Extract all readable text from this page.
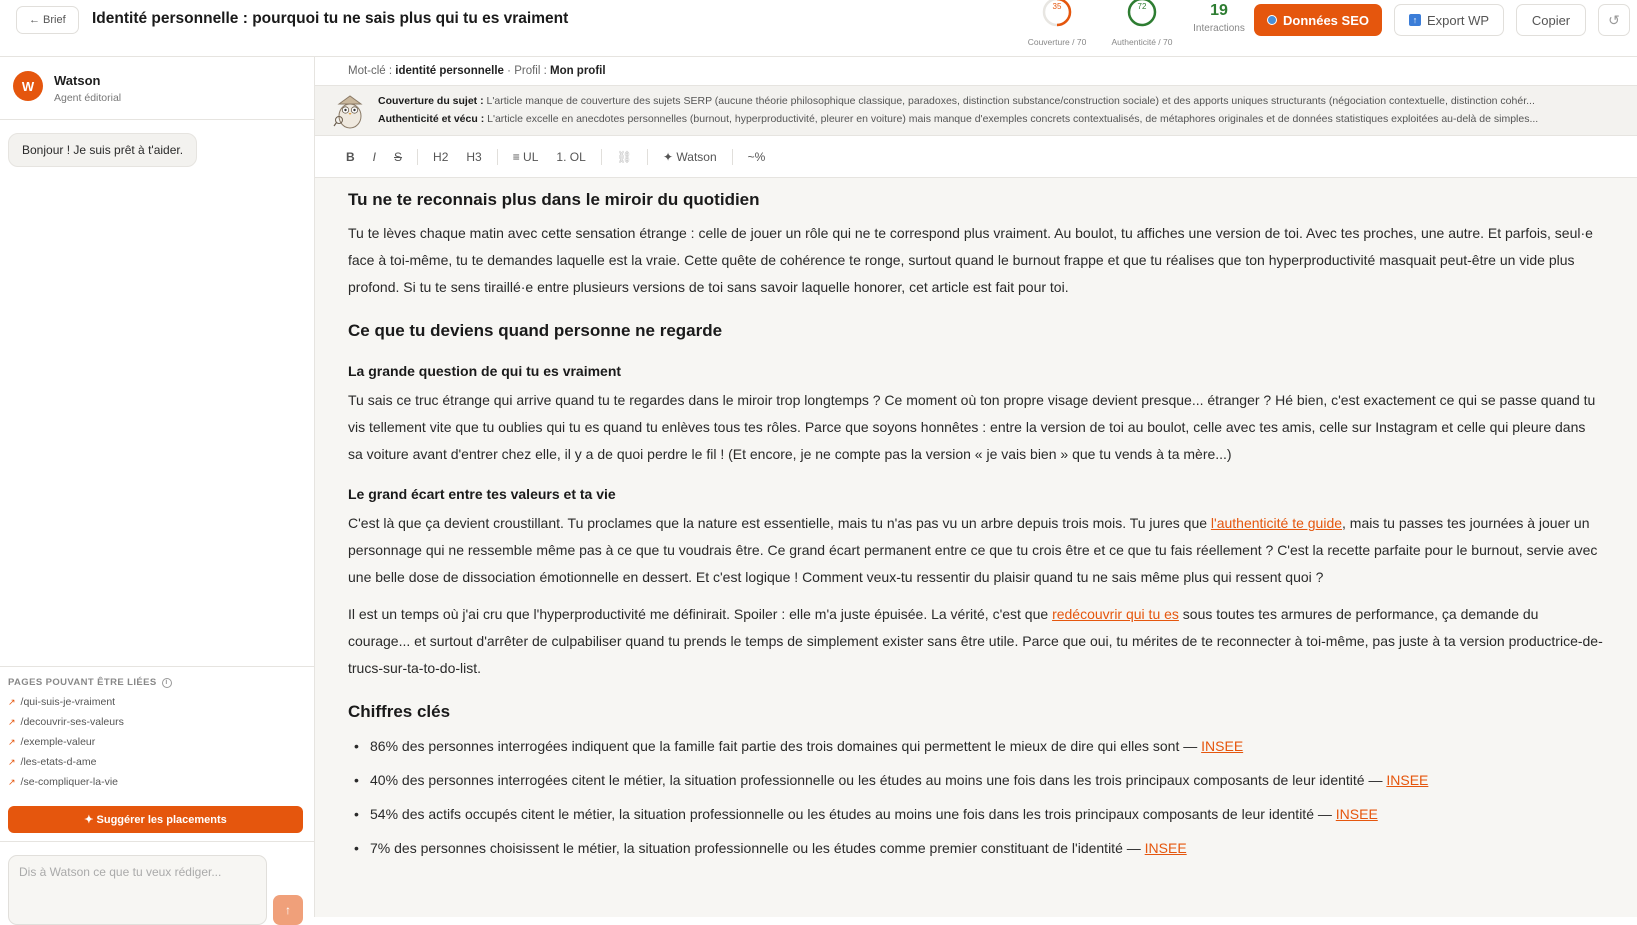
← Brief	Identité personnelle : pourquoi tu ne sais plus qui tu es vraiment
35
Couverture / 70
72
Authenticité / 70
19
Interactions
Données SEO	↑ Export WP	Copier	↺
W	Watson
Agent éditorial
Bonjour ! Je suis prêt à t'aider.
PAGES POUVANT ÊTRE LIÉES	i
↗ /qui-suis-je-vraiment
↗ /decouvrir-ses-valeurs
↗ /exemple-valeur
↗ /les-etats-d-ame
↗ /se-compliquer-la-vie
✦ Suggérer les placements
Dis à Watson ce que tu veux rédiger...
↑
Mot-clé :
identité personnelle
·
Profil :
Mon profil
Couverture du sujet : L'article manque de couverture des sujets SERP (aucune théorie philosophique classique, paradoxes, distinction substance/construction sociale) et des apports uniques structurants (négociation contextuelle, distinction cohér...
Authenticité et vécu : L'article excelle en anecdotes personnelles (burnout, hyperproductivité, pleurer en voiture) mais manque d'exemples concrets contextualisés, de métaphores originales et de données statistiques exploitées au-delà de simples...
B	I	S	H2	H3	≡ UL	1. OL	⛓	✦ Watson	~%
Tu ne te reconnais plus dans le miroir du quotidien

Tu te lèves chaque matin avec cette sensation étrange : celle de jouer un rôle qui ne te correspond plus vraiment. Au boulot, tu affiches une version de toi. Avec tes proches, une autre. Et parfois, seul·e face à toi-même, tu te demandes laquelle est la vraie. Cette quête de cohérence te ronge, surtout quand le burnout frappe et que tu réalises que ton hyperproductivité masquait peut-être un vide plus profond. Si tu te sens tiraillé·e entre plusieurs versions de toi sans savoir laquelle honorer, cet article est fait pour toi.

Ce que tu deviens quand personne ne regarde
La grande question de qui tu es vraiment

Tu sais ce truc étrange qui arrive quand tu te regardes dans le miroir trop longtemps ? Ce moment où ton propre visage devient presque... étranger ? Hé bien, c'est exactement ce qui se passe quand tu vis tellement vite que tu oublies qui tu es quand tu enlèves tous tes rôles. Parce que soyons honnêtes : entre la version de toi au boulot, celle avec tes amis, celle sur Instagram et celle qui pleure dans sa voiture avant d'entrer chez elle, il y a de quoi perdre le fil ! (Et encore, je ne compte pas la version « je vais bien » que tu vends à ta mère...)

Le grand écart entre tes valeurs et ta vie

C'est là que ça devient croustillant. Tu proclames que la nature est essentielle, mais tu n'as pas vu un arbre depuis trois mois. Tu jures que l'authenticité te guide, mais tu passes tes journées à jouer un personnage qui ne ressemble même pas à ce que tu voudrais être. Ce grand écart permanent entre ce que tu crois être et ce que tu fais réellement ? C'est la recette parfaite pour le burnout, servie avec une belle dose de dissociation émotionnelle en dessert. Et c'est logique ! Comment veux-tu ressentir du plaisir quand tu ne sais même plus qui ressent quoi ?

Il est un temps où j'ai cru que l'hyperproductivité me définirait. Spoiler : elle m'a juste épuisée. La vérité, c'est que redécouvrir qui tu es sous toutes tes armures de performance, ça demande du courage... et surtout d'arrêter de culpabiliser quand tu prends le temps de simplement exister sans être utile. Parce que oui, tu mérites de te reconnecter à toi-même, pas juste à ta version productrice-de-trucs-sur-ta-to-do-list.

Chiffres clés
• 86% des personnes interrogées indiquent que la famille fait partie des trois domaines qui permettent le mieux de dire qui elles sont — INSEE
• 40% des personnes interrogées citent le métier, la situation professionnelle ou les études au moins une fois dans les trois principaux composants de leur identité — INSEE
• 54% des actifs occupés citent le métier, la situation professionnelle ou les études au moins une fois dans les trois principaux composants de leur identité — INSEE
• 7% des personnes choisissent le métier, la situation professionnelle ou les études comme premier constituant de l'identité — INSEE
